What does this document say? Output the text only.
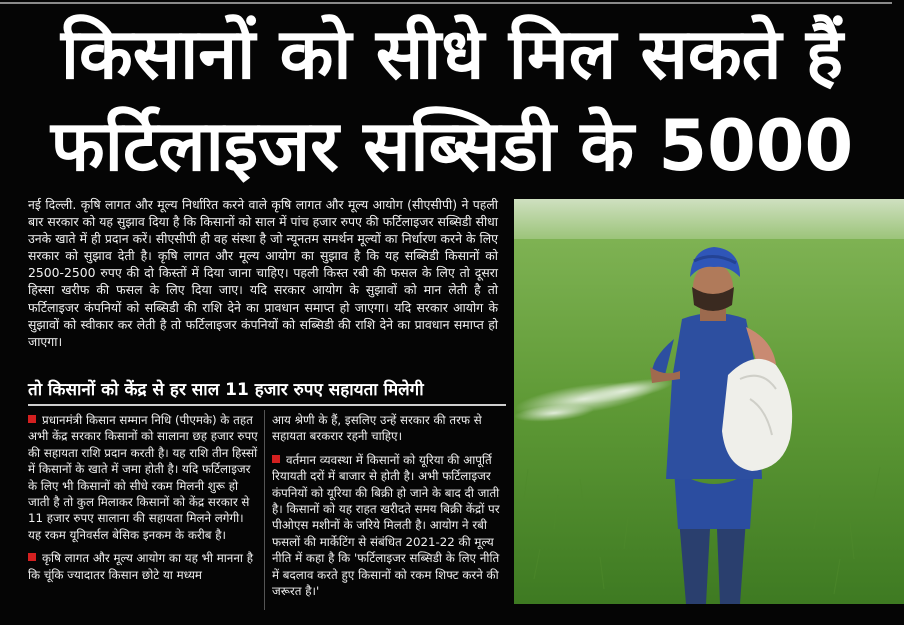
किसानों को सीधे मिल सकते हैं
फर्टिलाइजर सब्सिडी के 5000
नई दिल्ली. कृषि लागत और मूल्य निर्धारित करने वाले कृषि लागत और मूल्य आयोग (सीएसीपी) ने पहली बार सरकार को यह सुझाव दिया है कि किसानों को साल में पांच हजार रुपए की फर्टिलाइजर सब्सिडी सीधा उनके खाते में ही प्रदान करें। सीएसीपी ही वह संस्था है जो न्यूनतम समर्थन मूल्यों का निर्धारण करने के लिए सरकार को सुझाव देती है। कृषि लागत और मूल्य आयोग का सुझाव है कि यह सब्सिडी किसानों को 2500-2500 रुपए की दो किस्तों में दिया जाना चाहिए। पहली किस्त रबी की फसल के लिए तो दूसरा हिस्सा खरीफ की फसल के लिए दिया जाए। यदि सरकार आयोग के सुझावों को मान लेती है तो फर्टिलाइजर कंपनियों को सब्सिडी की राशि देने का प्रावधान समाप्त हो जाएगा। यदि सरकार आयोग के सुझावों को स्वीकार कर लेती है तो फर्टिलाइजर कंपनियों को सब्सिडी की राशि देने का प्रावधान समाप्त हो जाएगा।
तो किसानों को केंद्र से हर साल 11 हजार रुपए सहायता मिलेगी

प्रधानमंत्री किसान सम्मान निधि (पीएमके) के तहत अभी केंद्र सरकार किसानों को सालाना छह हजार रुपए की सहायता राशि प्रदान करती है। यह राशि तीन हिस्सों में किसानों के खाते में जमा होती है। यदि फर्टिलाइजर के लिए भी किसानों को सीधे रकम मिलनी शुरू हो जाती है तो कुल मिलाकर किसानों को केंद्र सरकार से 11 हजार रुपए सालाना की सहायता मिलने लगेगी। यह रकम यूनिवर्सल बेसिक इनकम के करीब है।

कृषि लागत और मूल्य आयोग का यह भी मानना है कि चूंकि ज्यादातर किसान छोटे या मध्यम

आय श्रेणी के हैं, इसलिए उन्हें सरकार की तरफ से सहायता बरकरार रहनी चाहिए।

वर्तमान व्यवस्था में किसानों को यूरिया की आपूर्ति रियायती दरों में बाजार से होती है। अभी फर्टिलाइजर कंपनियों को यूरिया की बिक्री हो जाने के बाद दी जाती है। किसानों को यह राहत खरीदते समय बिक्री केंद्रों पर पीओएस मशीनों के जरिये मिलती है। आयोग ने रबी फसलों की मार्केटिंग से संबंधित 2021-22 की मूल्य नीति में कहा है कि 'फर्टिलाइजर सब्सिडी के लिए नीति में बदलाव करते हुए किसानों को रकम शिफ्ट करने की जरूरत है।'
